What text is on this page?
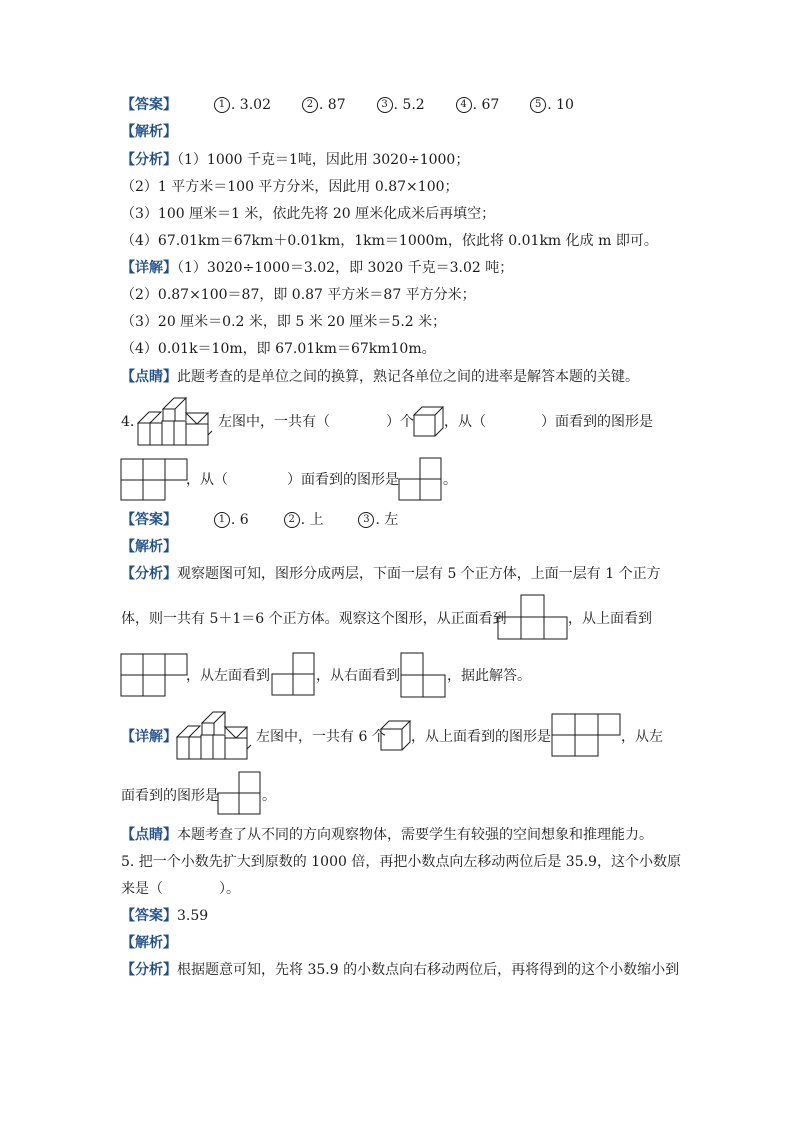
【答案】	1 . 3.02	2 . 87	3 . 5.2	4 . 67	5 . 10
【解析】
【分析】（1）1000 千克＝1吨，因此用 3020÷1000；
（2）1 平方米＝100 平方分米，因此用 0.87×100；
（3）100 厘米＝1 米，依此先将 20 厘米化成米后再填空；
（4）67.01km＝67km＋0.01km，1km＝1000m，依此将 0.01km 化成 m 即可。
【详解】（1）3020÷1000＝3.02，即 3020 千克＝3.02 吨；
（2）0.87×100＝87，即 0.87 平方米＝87 平方分米；
（3）20 厘米＝0.2 米，即 5 米 20 厘米＝5.2 米；
（4）0.01k＝10m，即 67.01km＝67km10m。
【点睛】此题考查的是单位之间的换算，熟记各单位之间的进率是解答本题的关键。
4.	左图中，一共有（	）个 ，从（	）面看到的图形是
，从（	）面看到的图形是	。
【答案】	1 . 6	2 . 上	3 . 左
【解析】
【分析】观察题图可知，图形分成两层，下面一层有 5 个正方体，上面一层有 1 个正方
体，则一共有 5＋1＝6 个正方体。观察这个图形，从正面看到	，从上面看到
，从左面看到	，从右面看到	，据此解答。
【详解】	左图中，一共有 6 个 ，从上面看到的图形是	，从左
面看到的图形是	。
【点睛】本题考查了从不同的方向观察物体，需要学生有较强的空间想象和推理能力。
5. 把一个小数先扩大到原数的 1000 倍，再把小数点向左移动两位后是 35.9，这个小数原
来是（	）。
【答案】3.59
【解析】
【分析】根据题意可知，先将 35.9 的小数点向右移动两位后，再将得到的这个小数缩小到
